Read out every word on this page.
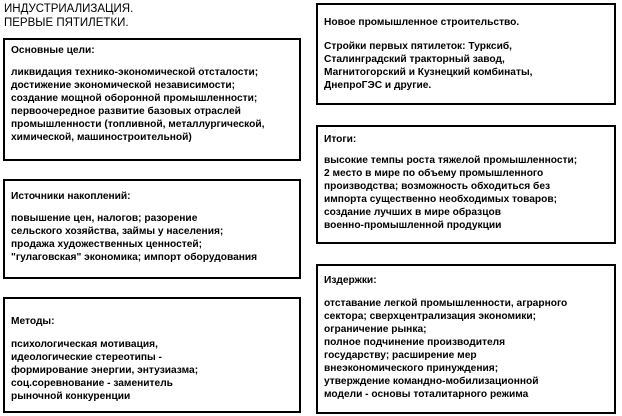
ИНДУСТРИАЛИЗАЦИЯ.
ПЕРВЫЕ ПЯТИЛЕТКИ.
Основные цели:
ликвидация технико-экономической отсталости;
достижение экономической независимости;
создание мощной оборонной промышленности;
первоочередное развитие базовых отраслей
промышленности (топливной, металлургической,
химической, машиностроительной)
Источники накоплений:
повышение цен, налогов; разорение
сельского хозяйства, займы у населения;
продажа художественных ценностей;
"гулаговская" экономика; импорт оборудования
Методы:
психологическая мотивация,
идеологические стереотипы -
формирование энергии, энтузиазма;
соц.соревнование - заменитель
рыночной конкуренции
Новое промышленное строительство.
Стройки первых пятилеток: Турксиб,
Сталинградский тракторный завод,
Магнитогорский и Кузнецкий комбинаты,
ДнепроГЭС и другие.
Итоги:
высокие темпы роста тяжелой промышленности;
2 место в мире по объему промышленного
производства; возможность обходиться без
импорта существенно необходимых товаров;
создание лучших в мире образцов
военно-промышленной продукции
Издержки:
отставание легкой промышленности, аграрного
сектора; сверхцентрализация экономики;
ограничение рынка;
полное подчинение производителя
государству; расширение мер
внеэкономического принуждения;
утверждение командно-мобилизационной
модели - основы тоталитарного режима
